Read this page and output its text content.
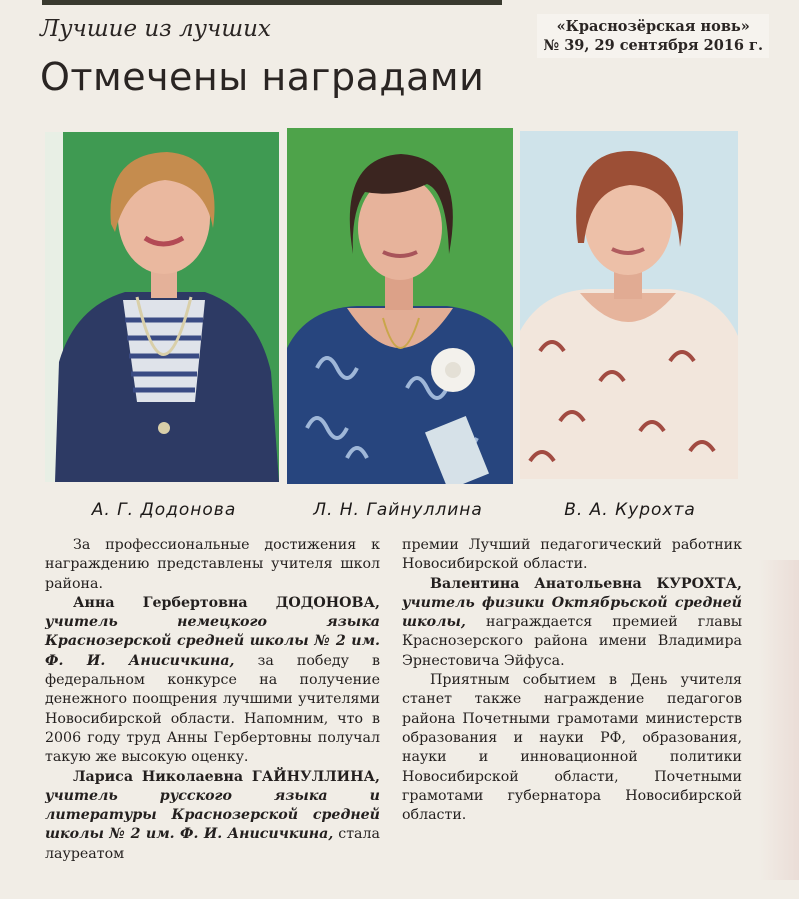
Лучшие из лучших	«Краснозёрская новь»
№ 39, 29 сентября 2016 г.
Отмечены наградами
А. Г. Додонова	Л. Н. Гайнуллина	В. А. Курохта

За профессиональные достижения к награждению представлены учителя школ района.

Анна Гербертовна ДОДОНОВА, учитель немецкого языка Краснозерской средней школы № 2 им. Ф. И. Анисичкина, за победу в федеральном конкурсе на получение денежного поощрения лучшими учителями Новосибирской области. Напомним, что в 2006 году труд Анны Гербертовны получал такую же высокую оценку.

Лариса Николаевна ГАЙНУЛЛИНА, учитель русского языка и литературы Краснозерской средней школы № 2 им. Ф. И. Анисичкина, стала лауреатом

премии Лучший педагогический работник Новосибирской области.

Валентина Анатольевна КУРОХТА, учитель физики Октябрьской средней школы, награждается премией главы Краснозерского района имени Владимира Эрнестовича Эйфуса.

Приятным событием в День учителя станет также награждение педагогов района Почетными грамотами министерств образования и науки РФ, образования, науки и инновационной политики Новосибирской области, Почетными грамотами губернатора Новосибирской области.
